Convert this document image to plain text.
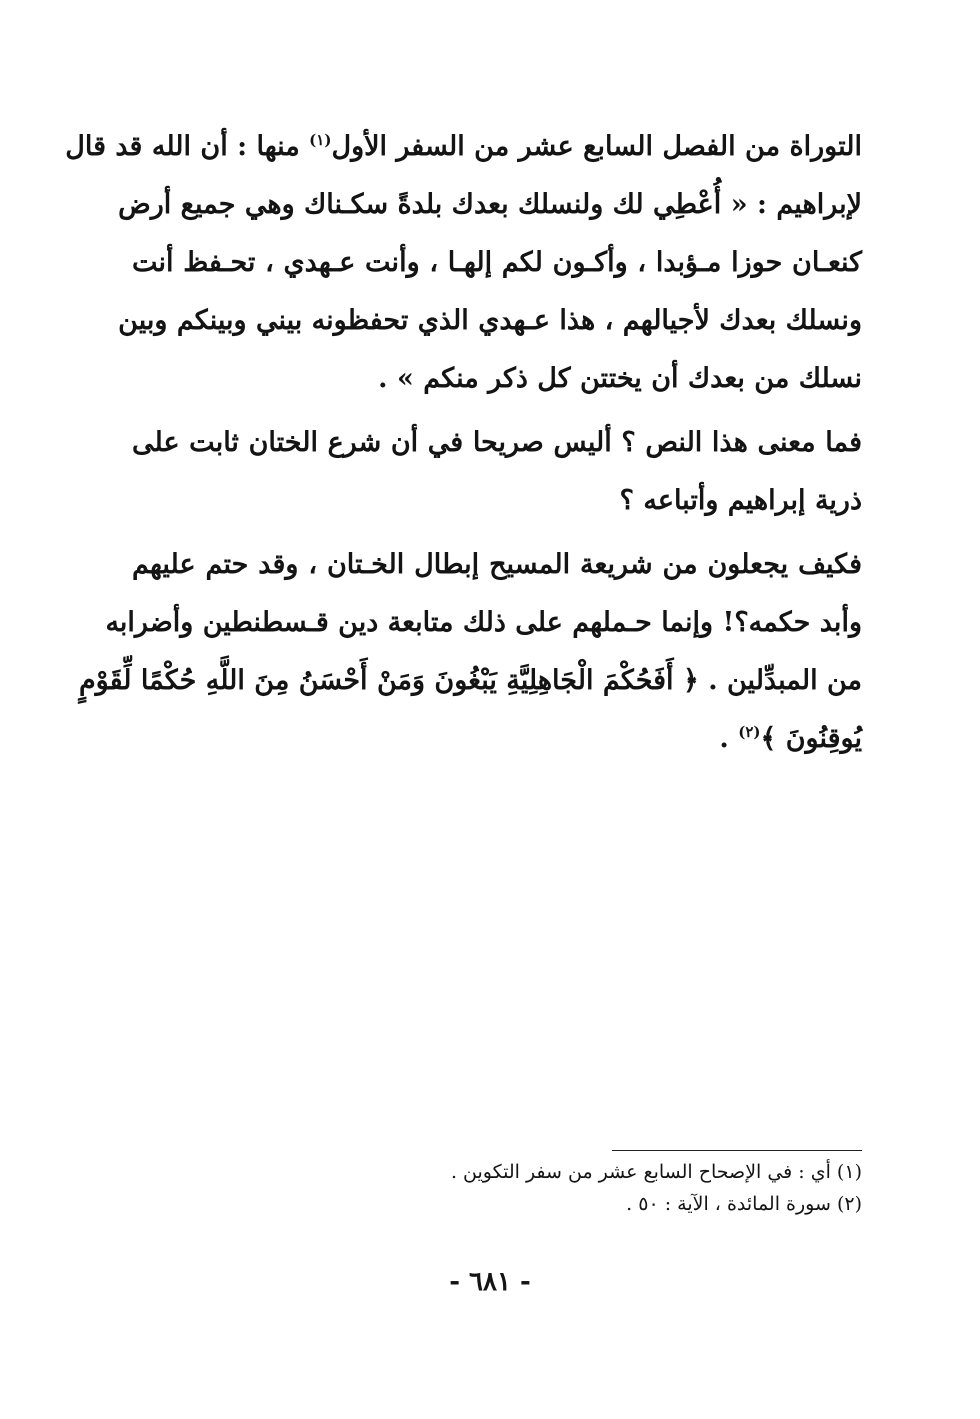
التوراة من الفصل السابع عشر من السفر الأول$^{(١)}$ منها : أن الله قد قال
لإبراهيم : « أُعْطِي لك ولنسلك بعدك بلدةً سكـناك وهي جميع أرض
كنعـان حوزا مـؤبدا ، وأكـون لكم إلهـا ، وأنت عـهدي ، تحـفظ أنت
ونسلك بعدك لأجيالهم ، هذا عـهدي الذي تحفظونه بيني وبينكم وبين
نسلك من بعدك أن يختتن كل ذكر منكم » .
فما معنى هذا النص ؟ أليس صريحا في أن شرع الختان ثابت على
ذرية إبراهيم وأتباعه ؟
فكيف يجعلون من شريعة المسيح إبطال الخـتان ، وقد حتم عليهم
وأبد حكمه؟! وإنما حـملهم على ذلك متابعة دين قـسطنطين وأضرابه
من المبدِّلين . ﴿ أَفَحُكْمَ الْجَاهِلِيَّةِ يَبْغُونَ وَمَنْ أَحْسَنُ مِنَ اللَّهِ حُكْمًا لِّقَوْمٍ
يُوقِنُونَ ﴾$^{(٢)}$ .
(١) أي : في الإصحاح السابع عشر من سفر التكوين .
(٢) سورة المائدة ، الآية : ٥٠ .
- ٦٨١ -
